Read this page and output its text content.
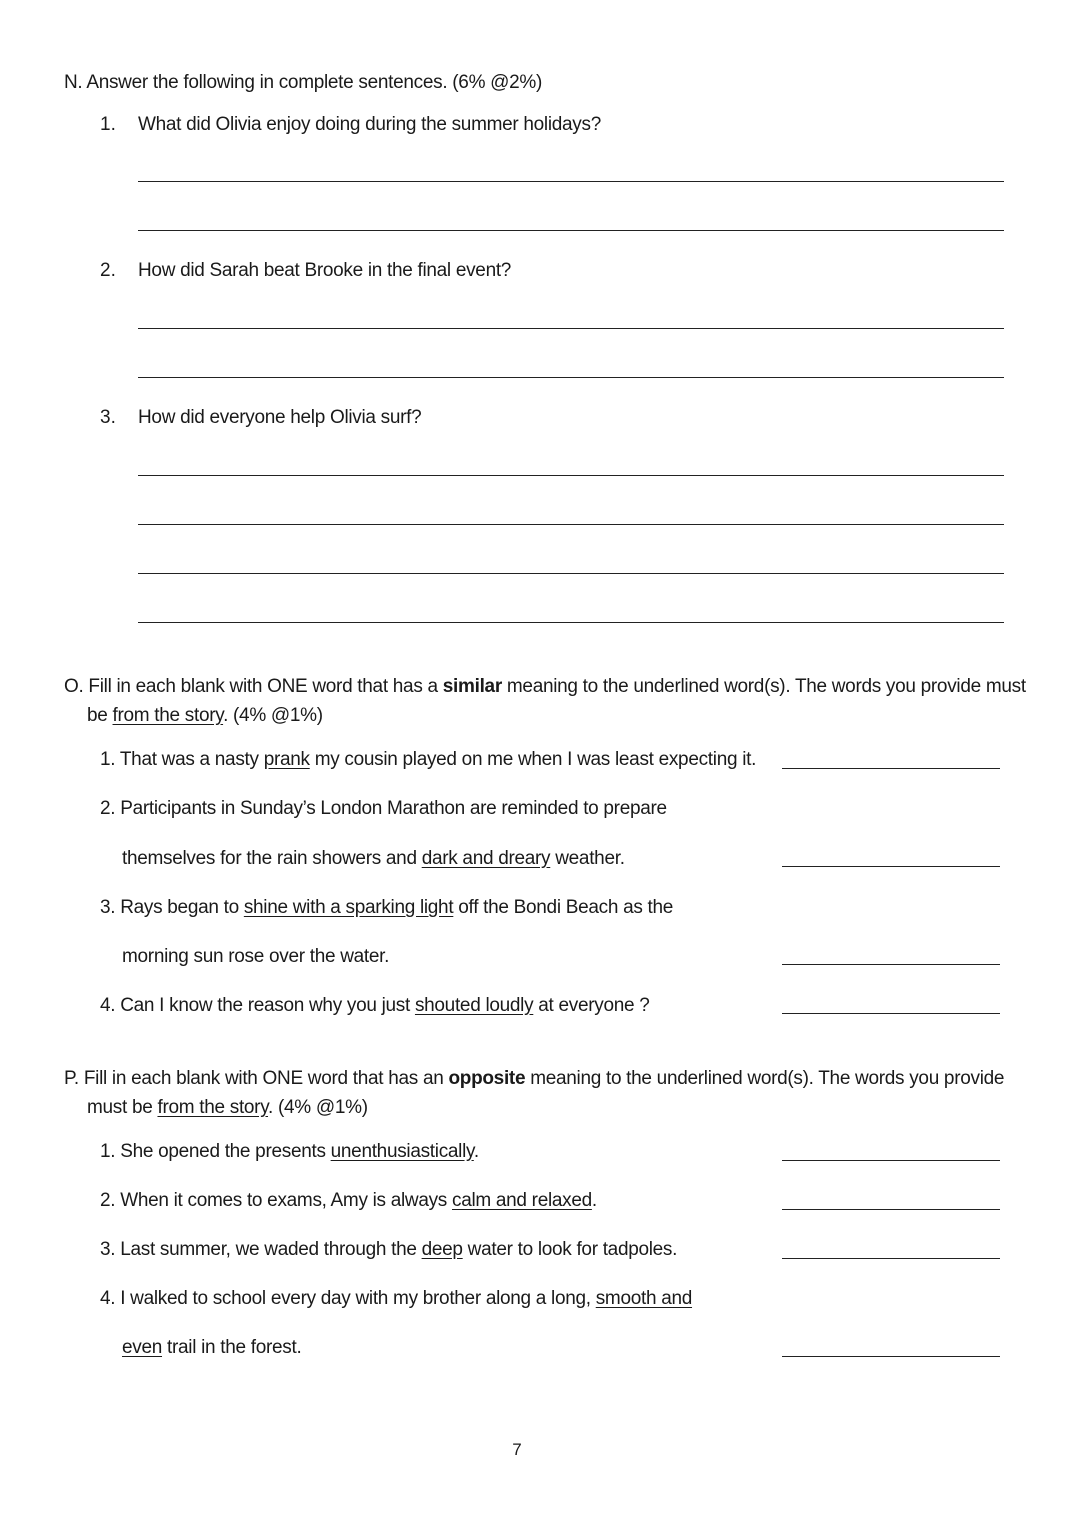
N. Answer the following in complete sentences. (6% @2%)
1. What did Olivia enjoy doing during the summer holidays?
2. How did Sarah beat Brooke in the final event?
3. How did everyone help Olivia surf?
O. Fill in each blank with ONE word that has a similar meaning to the underlined word(s). The words you provide must
be from the story. (4% @1%)
1. That was a nasty prank my cousin played on me when I was least expecting it.
2. Participants in Sunday’s London Marathon are reminded to prepare
themselves for the rain showers and dark and dreary weather.
3. Rays began to shine with a sparking light off the Bondi Beach as the
morning sun rose over the water.
4. Can I know the reason why you just shouted loudly at everyone ?
P. Fill in each blank with ONE word that has an opposite meaning to the underlined word(s). The words you provide
must be from the story. (4% @1%)
1. She opened the presents unenthusiastically.
2. When it comes to exams, Amy is always calm and relaxed.
3. Last summer, we waded through the deep water to look for tadpoles.
4. I walked to school every day with my brother along a long, smooth and
even trail in the forest.
7
